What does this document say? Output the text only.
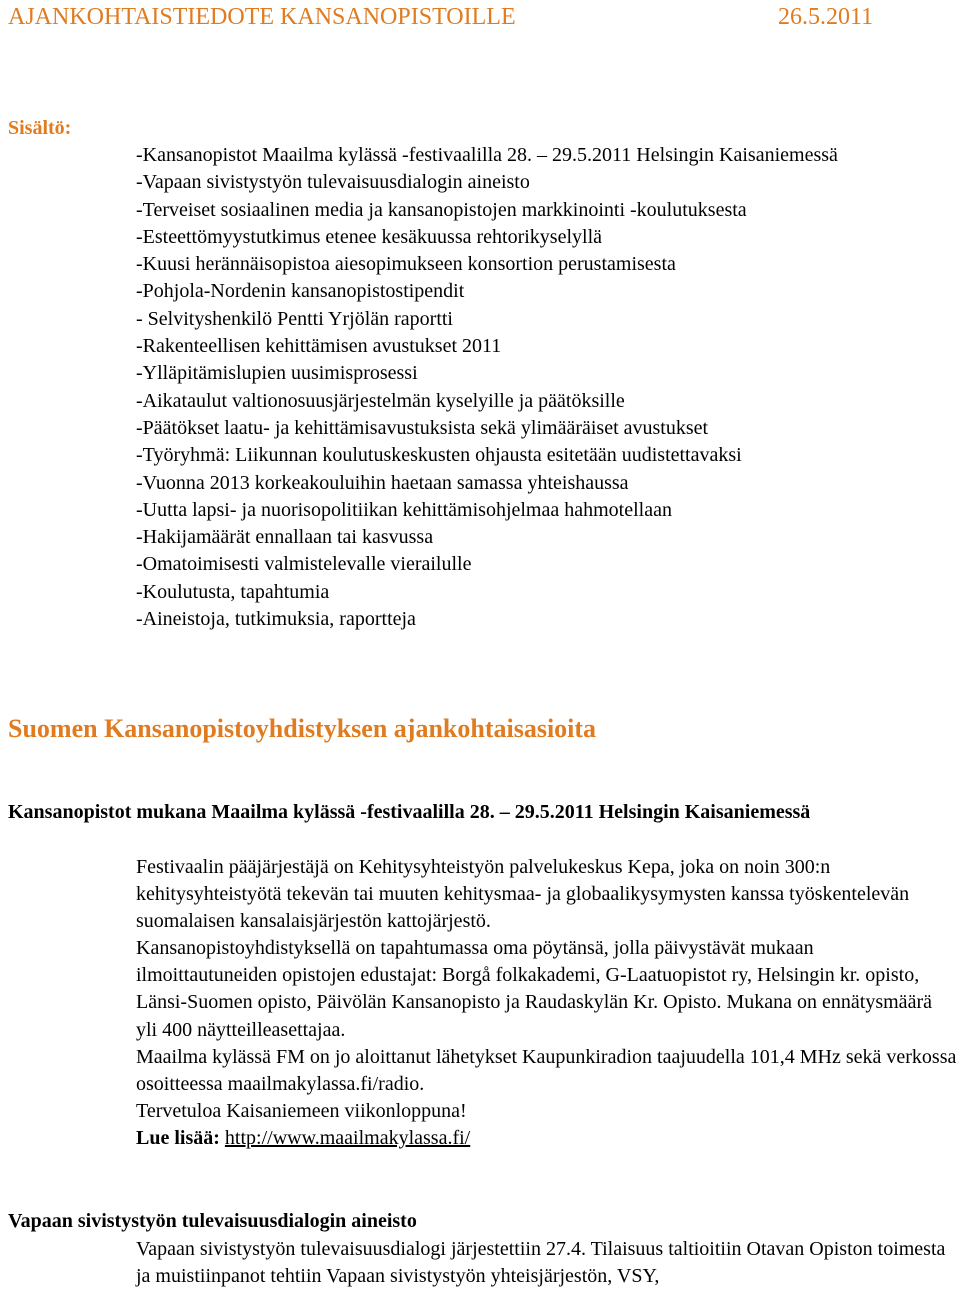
AJANKOHTAISTIEDOTE KANSANOPISTOILLE	26.5.2011
Sisältö:
-Kansanopistot Maailma kylässä -festivaalilla 28. – 29.5.2011 Helsingin Kaisaniemessä
-Vapaan sivistystyön tulevaisuusdialogin aineisto
-Terveiset sosiaalinen media ja kansanopistojen markkinointi -koulutuksesta
-Esteettömyystutkimus etenee kesäkuussa rehtorikyselyllä
-Kuusi herännäisopistoa aiesopimukseen konsortion perustamisesta
-Pohjola-Nordenin kansanopistostipendit
- Selvityshenkilö Pentti Yrjölän raportti
-Rakenteellisen kehittämisen avustukset 2011
-Ylläpitämislupien uusimisprosessi
-Aikataulut valtionosuusjärjestelmän kyselyille ja päätöksille
-Päätökset laatu- ja kehittämisavustuksista sekä ylimääräiset avustukset
-Työryhmä: Liikunnan koulutuskeskusten ohjausta esitetään uudistettavaksi
-Vuonna 2013 korkeakouluihin haetaan samassa yhteishaussa
-Uutta lapsi- ja nuorisopolitiikan kehittämisohjelmaa hahmotellaan
-Hakijamäärät ennallaan tai kasvussa
-Omatoimisesti valmistelevalle vierailulle
-Koulutusta, tapahtumia
-Aineistoja, tutkimuksia, raportteja
Suomen Kansanopistoyhdistyksen ajankohtaisasioita
Kansanopistot mukana Maailma kylässä -festivaalilla 28. – 29.5.2011 Helsingin Kaisaniemessä

Festivaalin pääjärjestäjä on Kehitysyhteistyön palvelukeskus Kepa, joka on noin 300:n kehitysyhteistyötä tekevän tai muuten kehitysmaa- ja globaalikysymysten kanssa työskentelevän suomalaisen kansalaisjärjestön kattojärjestö.

Kansanopistoyhdistyksellä on tapahtumassa oma pöytänsä, jolla päivystävät mukaan ilmoittautuneiden opistojen edustajat: Borgå folkakademi, G-Laatuopistot ry, Helsingin kr. opisto, Länsi-Suomen opisto, Päivölän Kansanopisto ja Raudaskylän Kr. Opisto. Mukana on ennätysmäärä yli 400 näytteilleasettajaa.

Maailma kylässä FM on jo aloittanut lähetykset Kaupunkiradion taajuudella 101,4 MHz sekä verkossa osoitteessa maailmakylassa.fi/radio.

Tervetuloa Kaisaniemeen viikonloppuna!

Lue lisää: http://www.maailmakylassa.fi/

Vapaan sivistystyön tulevaisuusdialogin aineisto

Vapaan sivistystyön tulevaisuusdialogi järjestettiin 27.4. Tilaisuus taltioitiin Otavan Opiston toimesta ja muistiinpanot tehtiin Vapaan sivistystyön yhteisjärjestön, VSY,
